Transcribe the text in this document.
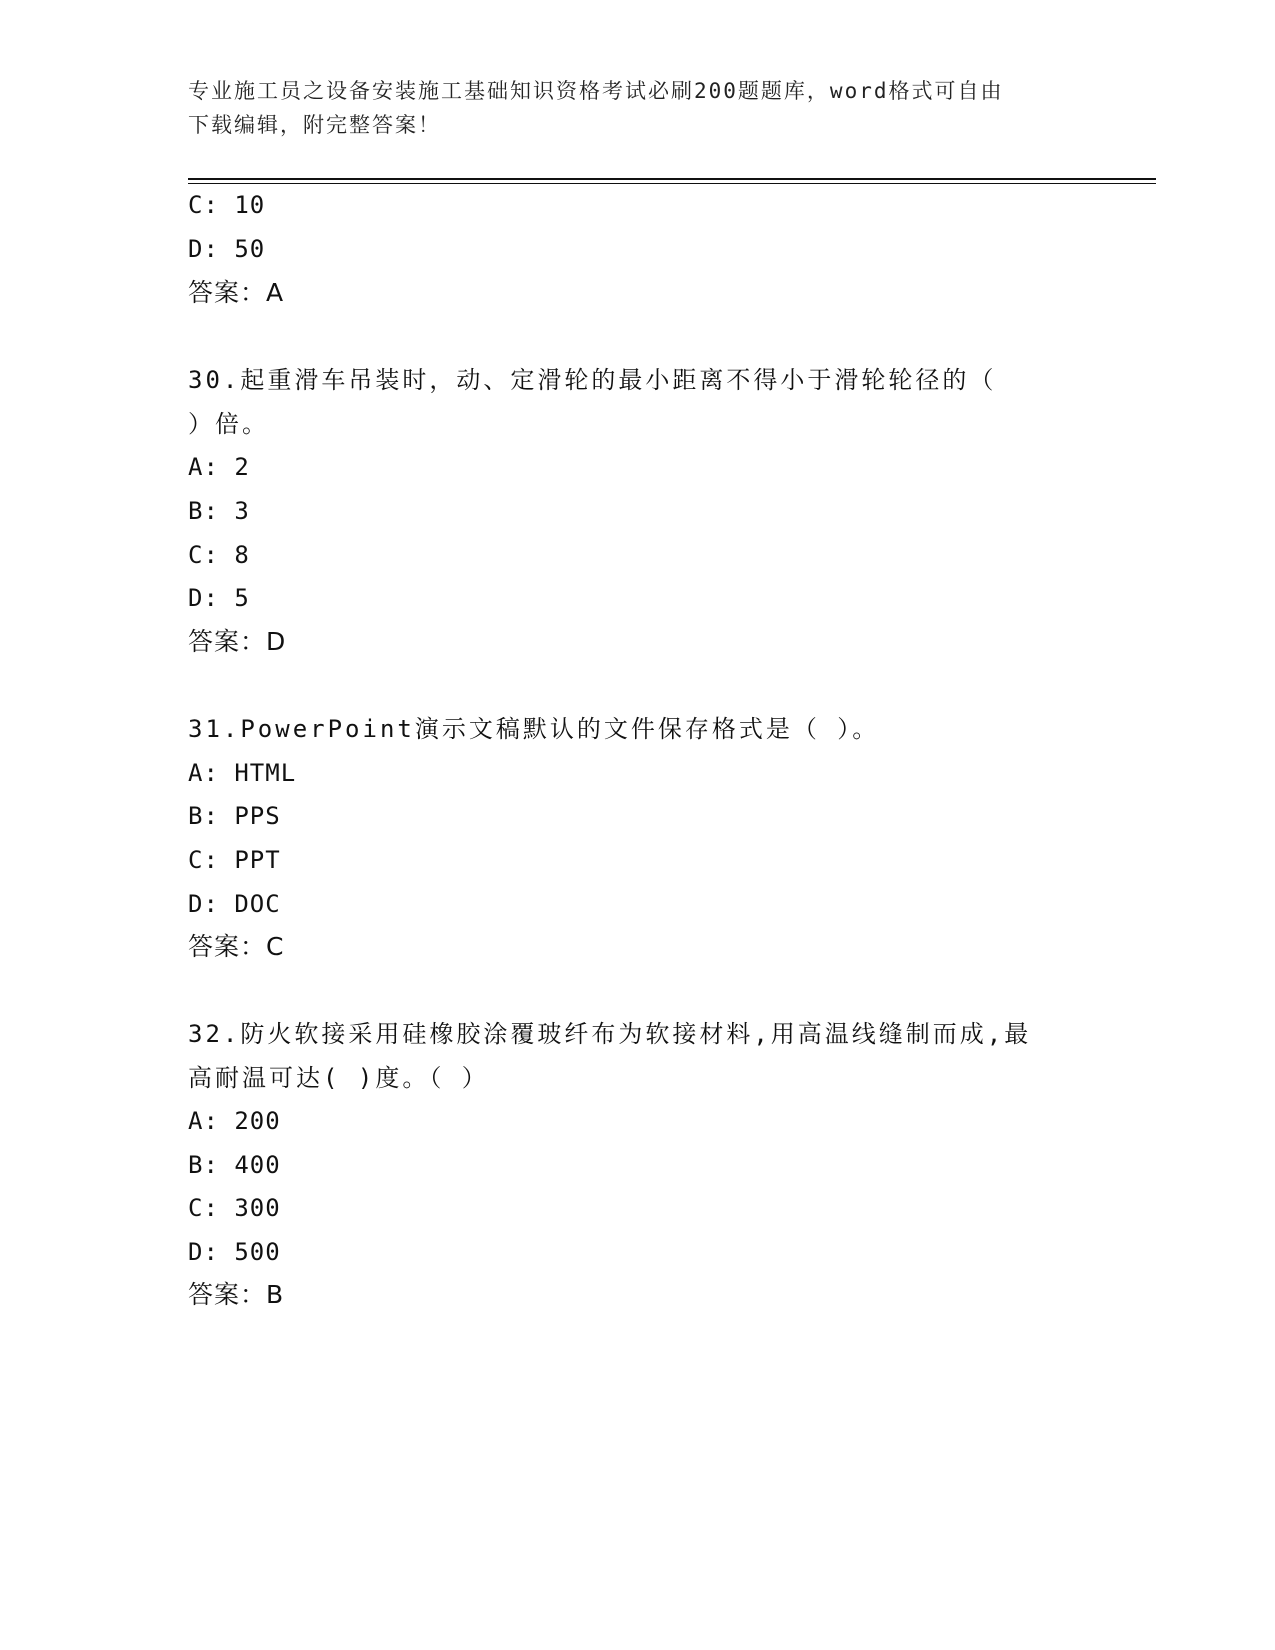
专业施工员之设备安装施工基础知识资格考试必刷200题题库，word格式可自由
下载编辑，附完整答案！
C: 10
D: 50
答案：A
30.起重滑车吊装时，动、定滑轮的最小距离不得小于滑轮轮径的（
）倍。
A: 2
B: 3
C: 8
D: 5
答案：D
31.PowerPoint演示文稿默认的文件保存格式是（ ）。
A: HTML
B: PPS
C: PPT
D: DOC
答案：C
32.防火软接采用硅橡胶涂覆玻纤布为软接材料,用高温线缝制而成,最
高耐温可达( )度。（ ）
A: 200
B: 400
C: 300
D: 500
答案：B
